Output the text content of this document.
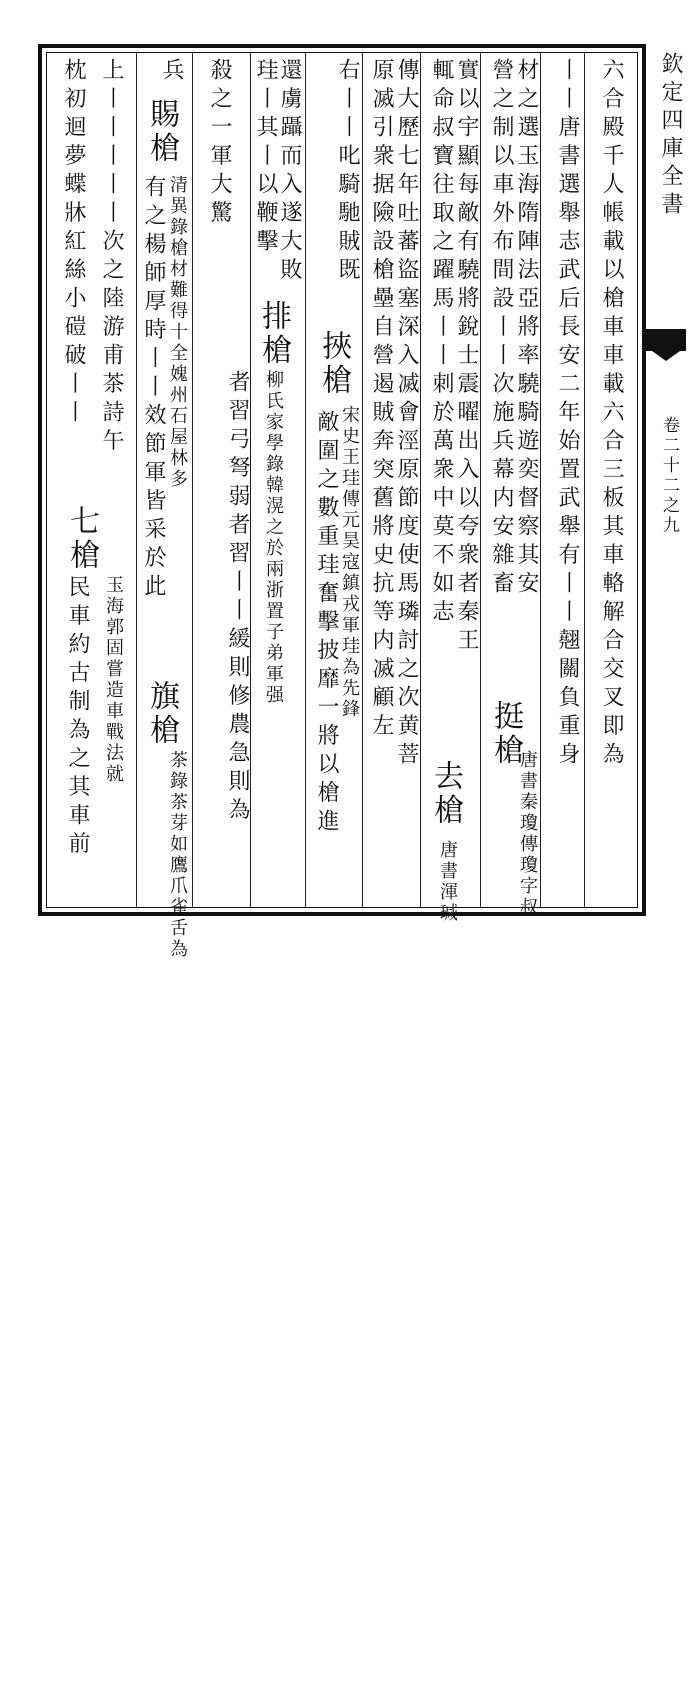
欽定四庫全書
卷二十二之九
六合殿千人帳載以槍車車載六合三板其車輅解合交叉即為
丨丨唐書選舉志武后長安二年始置武舉有丨丨翹關負重身
材之選玉海隋陣法亞將率驍騎遊奕督察其安
唐書秦瓊傳瓊字叔
挺槍
營之制以車外布間設丨丨次施兵幕内安雜畜
實以宇顯每敵有驍將銳士震曜出入以夸衆者秦王
輒命叔寶往取之躍馬丨丨刺於萬衆中莫不如志
去槍
唐書渾瑊
傳大歷七年吐蕃盜塞深入㓕會涇原節度使馬璘討之次黄菩
原㓕引衆据險設槍壘自營遏賊奔突舊將史抗等内㓕顧左
右丨丨叱騎馳賊既
挾槍
宋史王珪傳元昊寇鎮戎軍珪為先鋒
敵圍之數重珪奮擊披靡一將以槍進
還虜躡而入遂大敗
珪丨其丨以鞭擊
排槍
柳氏家學錄韓滉之於兩浙置子弟軍强
者習弓弩弱者習丨丨緩則修農急則為
殺之一軍大驚
兵
賜槍
清異錄槍材難得十全媿州石屋林多
有之楊師厚時丨丨效節軍皆采於此
旗槍
茶錄茶芽如鷹爪雀舌為
上丨丨丨丨丨次之陸游甫茶詩午
枕初迴夢蝶牀紅絲小磑破丨丨
七槍
玉海郭固嘗造車戰法就
民車約古制為之其車前
